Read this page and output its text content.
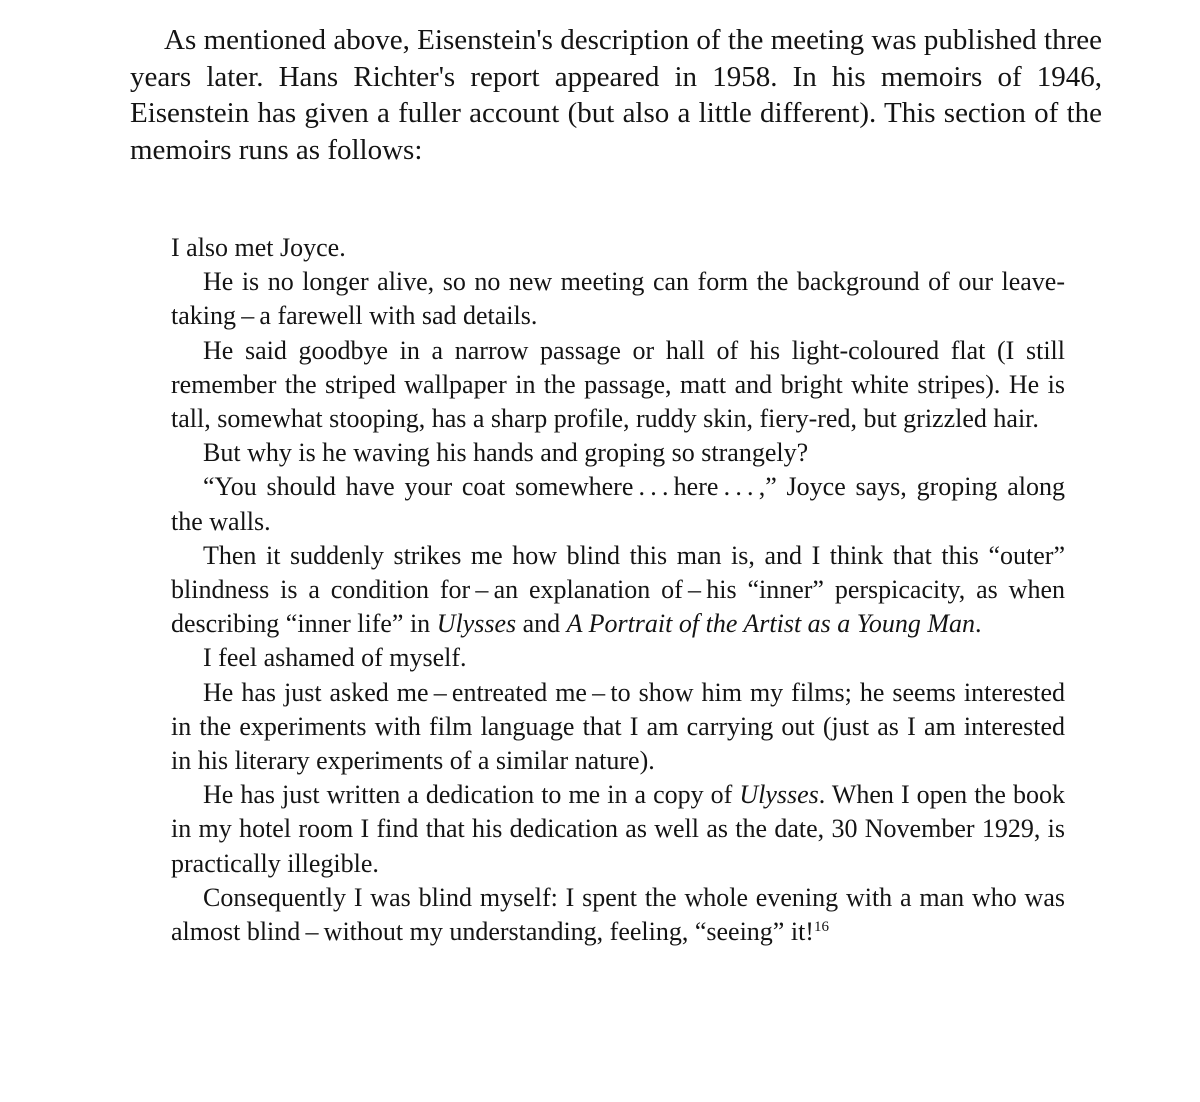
As mentioned above, Eisenstein's description of the meeting was published three years later. Hans Richter's report appeared in 1958. In his memoirs of 1946, Eisenstein has given a fuller account (but also a little different). This section of the memoirs runs as follows:

I also met Joyce.

He is no longer alive, so no new meeting can form the background of our leave-taking – a farewell with sad details.

He said goodbye in a narrow passage or hall of his light-coloured flat (I still remember the striped wallpaper in the passage, matt and bright white stripes). He is tall, somewhat stooping, has a sharp profile, ruddy skin, fiery-red, but grizzled hair.

But why is he waving his hands and groping so strangely?

“You should have your coat somewhere . . . here . . . ,” Joyce says, groping along the walls.

Then it suddenly strikes me how blind this man is, and I think that this “outer” blindness is a condition for – an explanation of – his “inner” perspicacity, as when describing “inner life” in Ulysses and A Portrait of the Artist as a Young Man.

I feel ashamed of myself.

He has just asked me – entreated me – to show him my films; he seems interested in the experiments with film language that I am carrying out (just as I am interested in his literary experiments of a similar nature).

He has just written a dedication to me in a copy of Ulysses. When I open the book in my hotel room I find that his dedication as well as the date, 30 November 1929, is practically illegible.

Consequently I was blind myself: I spent the whole evening with a man who was almost blind – without my understanding, feeling, “seeing” it!$^{16}$
